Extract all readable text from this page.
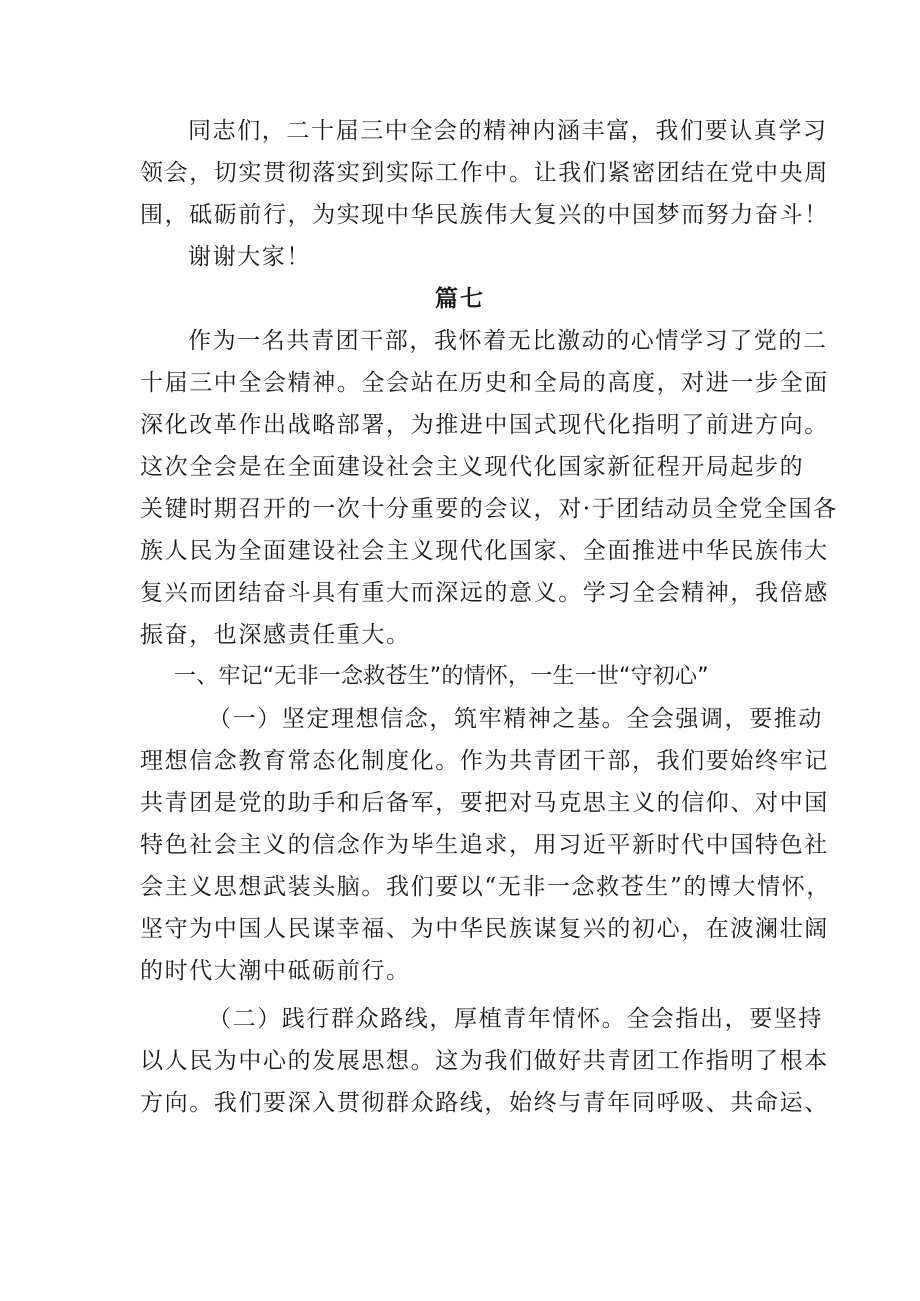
同志们，二十届三中全会的精神内涵丰富，我们要认真学习
领会，切实贯彻落实到实际工作中。让我们紧密团结在党中央周
围，砥砺前行，为实现中华民族伟大复兴的中国梦而努力奋斗！
谢谢大家！
篇七
作为一名共青团干部，我怀着无比激动的心情学习了党的二
十届三中全会精神。全会站在历史和全局的高度，对进一步全面
深化改革作出战略部署，为推进中国式现代化指明了前进方向。
这次全会是在全面建设社会主义现代化国家新征程开局起步的
关键时期召开的一次十分重要的会议，对·于团结动员全党全国各
族人民为全面建设社会主义现代化国家、全面推进中华民族伟大
复兴而团结奋斗具有重大而深远的意义。学习全会精神，我倍感
振奋，也深感责任重大。
一、牢记“无非一念救苍生”的情怀，一生一世“守初心”
（一）坚定理想信念，筑牢精神之基。全会强调，要推动
理想信念教育常态化制度化。作为共青团干部，我们要始终牢记
共青团是党的助手和后备军，要把对马克思主义的信仰、对中国
特色社会主义的信念作为毕生追求，用习近平新时代中国特色社
会主义思想武装头脑。我们要以“无非一念救苍生”的博大情怀，
坚守为中国人民谋幸福、为中华民族谋复兴的初心，在波澜壮阔
的时代大潮中砥砺前行。
（二）践行群众路线，厚植青年情怀。全会指出，要坚持
以人民为中心的发展思想。这为我们做好共青团工作指明了根本
方向。我们要深入贯彻群众路线，始终与青年同呼吸、共命运、
